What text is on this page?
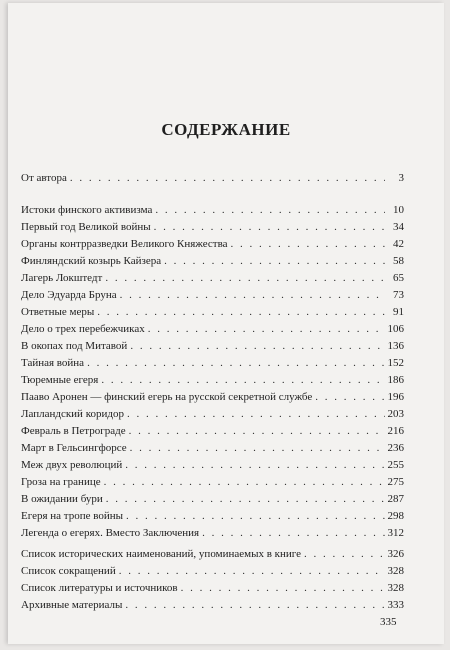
СОДЕРЖАНИЕ
От автора . . .	3
Истоки финского активизма . . .	10
Первый год Великой войны . . .	34
Органы контрразведки Великого Княжества . . .	42
Финляндский козырь Кайзера . . .	58
Лагерь Локштедт . . .	65
Дело Эдуарда Бруна . . .	73
Ответные меры . . .	91
Дело о трех перебежчиках . . .	106
В окопах под Митавой . . .	136
Тайная война . . .	152
Тюремные егеря . . .	186
Пааво Аронен — финский егерь на русской секретной службе . . .	196
Лапландский коридор . . .	203
Февраль в Петрограде . . .	216
Март в Гельсингфорсе . . .	236
Меж двух революций . . .	255
Гроза на границе . . .	275
В ожидании бури . . .	287
Егеря на тропе войны . . .	298
Легенда о егерях. Вместо Заключения . . .	312
Список исторических наименований, упоминаемых в книге . . .	326
Список сокращений . . .	328
Список литературы и источников . . .	328
Архивные материалы . . .	333
335
